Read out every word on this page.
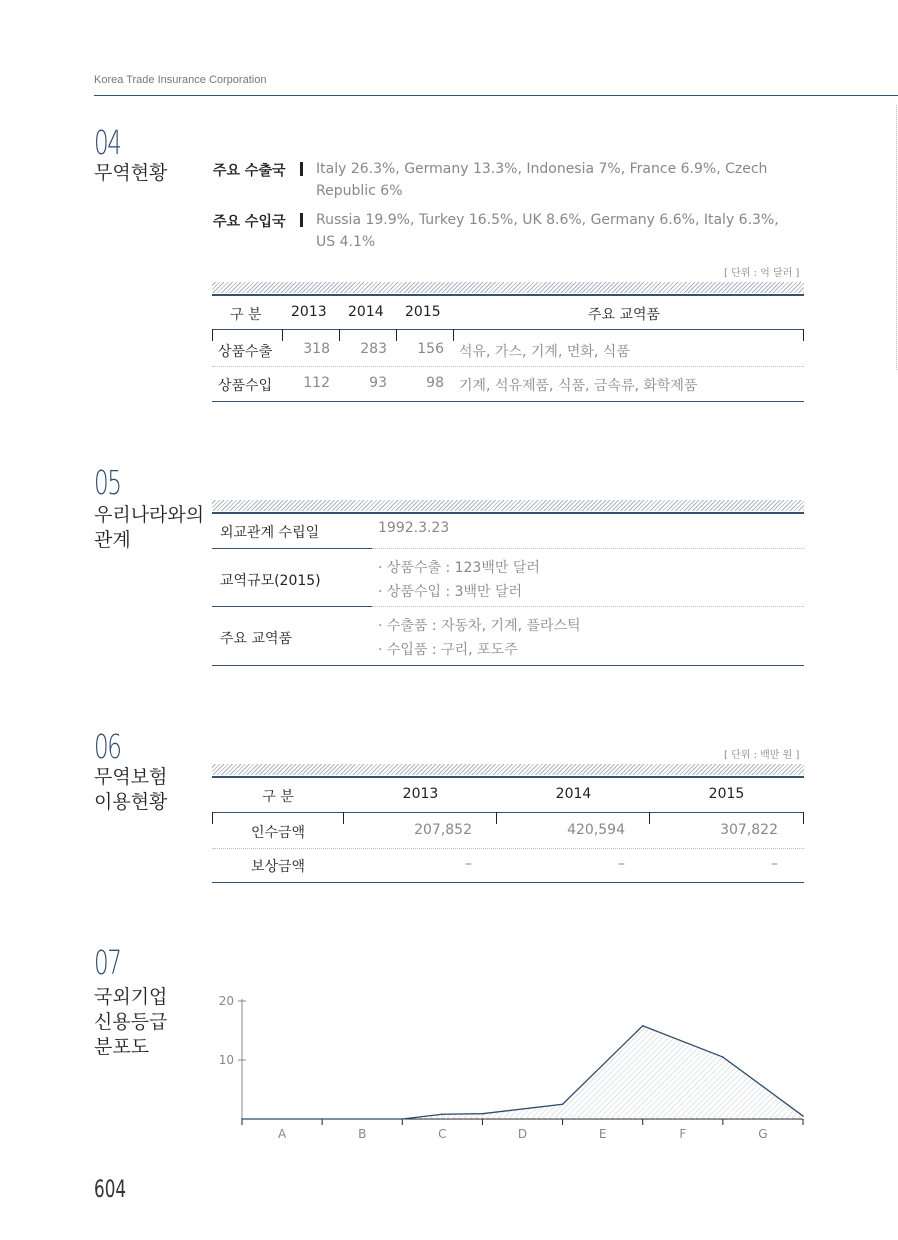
Korea Trade Insurance Corporation
04
무역현황	주요 수출국 Italy 26.3%, Germany 13.3%, Indonesia 7%, France 6.9%, Czech Republic 6%
주요 수입국 Russia 19.9%, Turkey 16.5%, UK 8.6%, Germany 6.6%, Italy 6.3%, US 4.1%
[ 단위 : 억 달러 ]
구 분 2013 2014 2015	주요 교역품
상품수출	318	283	156 석유, 가스, 기계, 면화, 식품
상품수입	112	93	98 기계, 석유제품, 식품, 금속류, 화학제품
05
우리나라와의
관계	외교관계 수립일	1992.3.23
교역규모(2015)
· 상품수출 : 123백만 달러
· 상품수입 : 3백만 달러
주요 교역품
· 수출품 : 자동차, 기계, 플라스틱
· 수입품 : 구리, 포도주
06
무역보험
이용현황
[ 단위 : 백만 원 ]
구 분	2013	2014	2015
인수금액	207,852	420,594	307,822
보상금액	–	–	–
07
국외기업
신용등급
분포도
10
20
A	B	C	D	E	F	G
604
